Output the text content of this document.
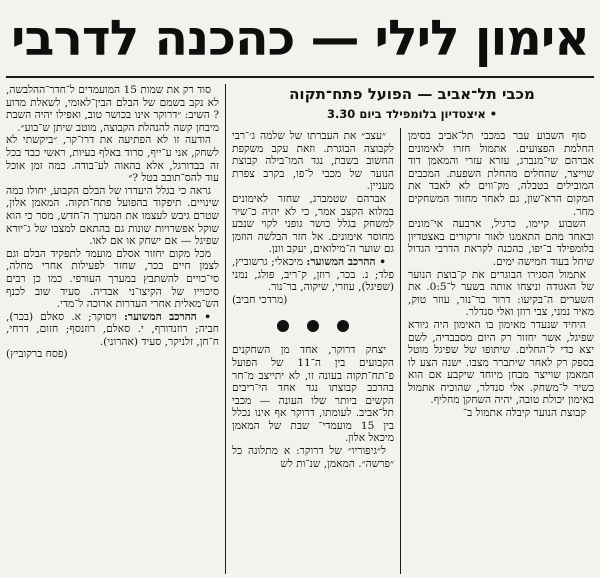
אימון לילי — כהכנה לדרבי
מכבי תל־אביב — הפועל פתח־תקוה
• איצטדיון בלומפילד ביום 3.30

סוף השבוע עבר במכבי תל־אביב בסימן החלמת הפצועים. אתמול חזרו לאימונים אברהם שי־מנברג, עזרא עזרי והמאמן דוד שוייצר, שהחלים מהחלת השפעת. המכבים המובילים בטבלה, מק־ווים לא לאבד את המקום הרא־שון, גם לאחר מחזור המשחקים מחר.

השבוע קיימו, כרגיל, ארבעה אי־מונים ובאחד מהם התאמנו לאור זרקורים באצטדיון בלומפילד ב־יפו, כהכנה לקראת הדרבי הגדול שיחל בעוד חמישה ימים.

אתמול הסגירו הבוגרים את ק־בוצת הנוער של האגודה וניצחו אותה בשער ל־0:5. את השערים ה־בקיעו: דרור בר־נור, עוזר טוק, מאיר נמני, צבי רוזן ואלי סנדלר.

היחיד שנעדר מאימון בו האימון היה גיורא שפיגל, אשר יחזור רק היום מסבבדיה, לשם יצא כדי ל־החלים. שיתופו של שפיגל מוטל בספק רק לאחר שיתברר מצבו. ישנה הצע לו המאמן שוייצר מבחן מיוחד שיקבע אם הוא כשיר ל־משחק. אלי סנדלר, שהוכיח אתמול באימון יכולת טובה, יהיה השחקן מחליף.

קבוצת הנוער קיבלה אתמול ב־

״עצב״ את העברתו של שלמה ג׳־רבי לקבוצה הבוגרת. וזאת עקב משקפת החשוב בשבת, נגד המו־בילה קבוצת הנוער של מכבי ל־פו, בקרב צפרת מעניין.

אברהם שטמברג, שחזר לאימונים במלוא הקצב אמר, כי לא יהיה כ־שיר למשחק בגלל כושר גופני לקוי שנבע מחוסר אימונים. אל חזר הבלשה הוזמן גם שוער ה־מילואים, יעקב וונן.

• ההרכב המשוער: מיכאלי; גרשוביץ, פלד; נ. בכר, רוזן, ק־ריב, פולג, נמני (שפיגל), עוזרי, שיקוה, בר־נור.

(מרדכי חביב)

יצחק דרוקר, אחד מן השחקנים הקבועים בין ה־11 של הפועל פ־תח־תקוה בעונה זו, לא יתייצב מ־חר בהרכב קבוצתו נגד אחד הי־ריבים הקשים ביותר שלו העונה — מכבי תל־אביב. לעומתו, דרוקר אף אינו נכלל בין 15 מועמדי־ שבת של המאמן מיכאל אלון.

ל״גיפוריו״ של דרוקר: א מתלונה כל ״פרשה״. המאמן, שנ־ות לש

סוד רק את שמות 15 המועמדים ל־חדר־ההלבשה, לא נקב בשמם של הבלם הבין־לאומי, לשאלת מדוע ? השיב: ״דרוקר אינו בכושר טוב, ואפילו יהיה השבת מיבחן קשה להנהלת הקבוצה, מוטב שיתן ש־בוע״.

הודעה זו לא הפתיעה את דרו־קר, ״ביקשתי לא לשחק, אני ע־ייף, סרוד באלף בעיות, ראשי כבד בכל זה בבדורגל, אלא בהאוה לע־בודה. כמה זמן אוכל עוד להס־תובב בטל ?״

גראה כי בגלל היעדרו של הבלם הקבוע, יחולו כמה שינויים. תיפקוד בהפועל פתח־תקוה. המאמן אלון, שטרם גיבש לעצמו את המערך ה־חדש, מסר כי הוא שוקל אפשרויות שונות גם בהתאם למצבו של ג־יורא שפיגל — אם ישחק או אם לאו.

מכל מקום יחזור אסלם מועמד לתפקיד הבלם וגם לצמן חיים בכר, שחזר לפעילות אחרי מחלה, סי־כויים להשתבץ במערך העורפי. כמו כן רבים סיכוייו של הקיצו־ני אבדיה. סעיד שוב לכנף הש־מאלית אחרי העדרות ארוכה ל־מדי.

• ההרכב המשוער: ויסוקר; א. סאלם (בכר), חביה; רוזנדורף, י. סאלם, רוזנסף; חזום, דרחי, ח־חן, זלניקר, סעיד (אהרוני).

(פסח ברקוביץ)
